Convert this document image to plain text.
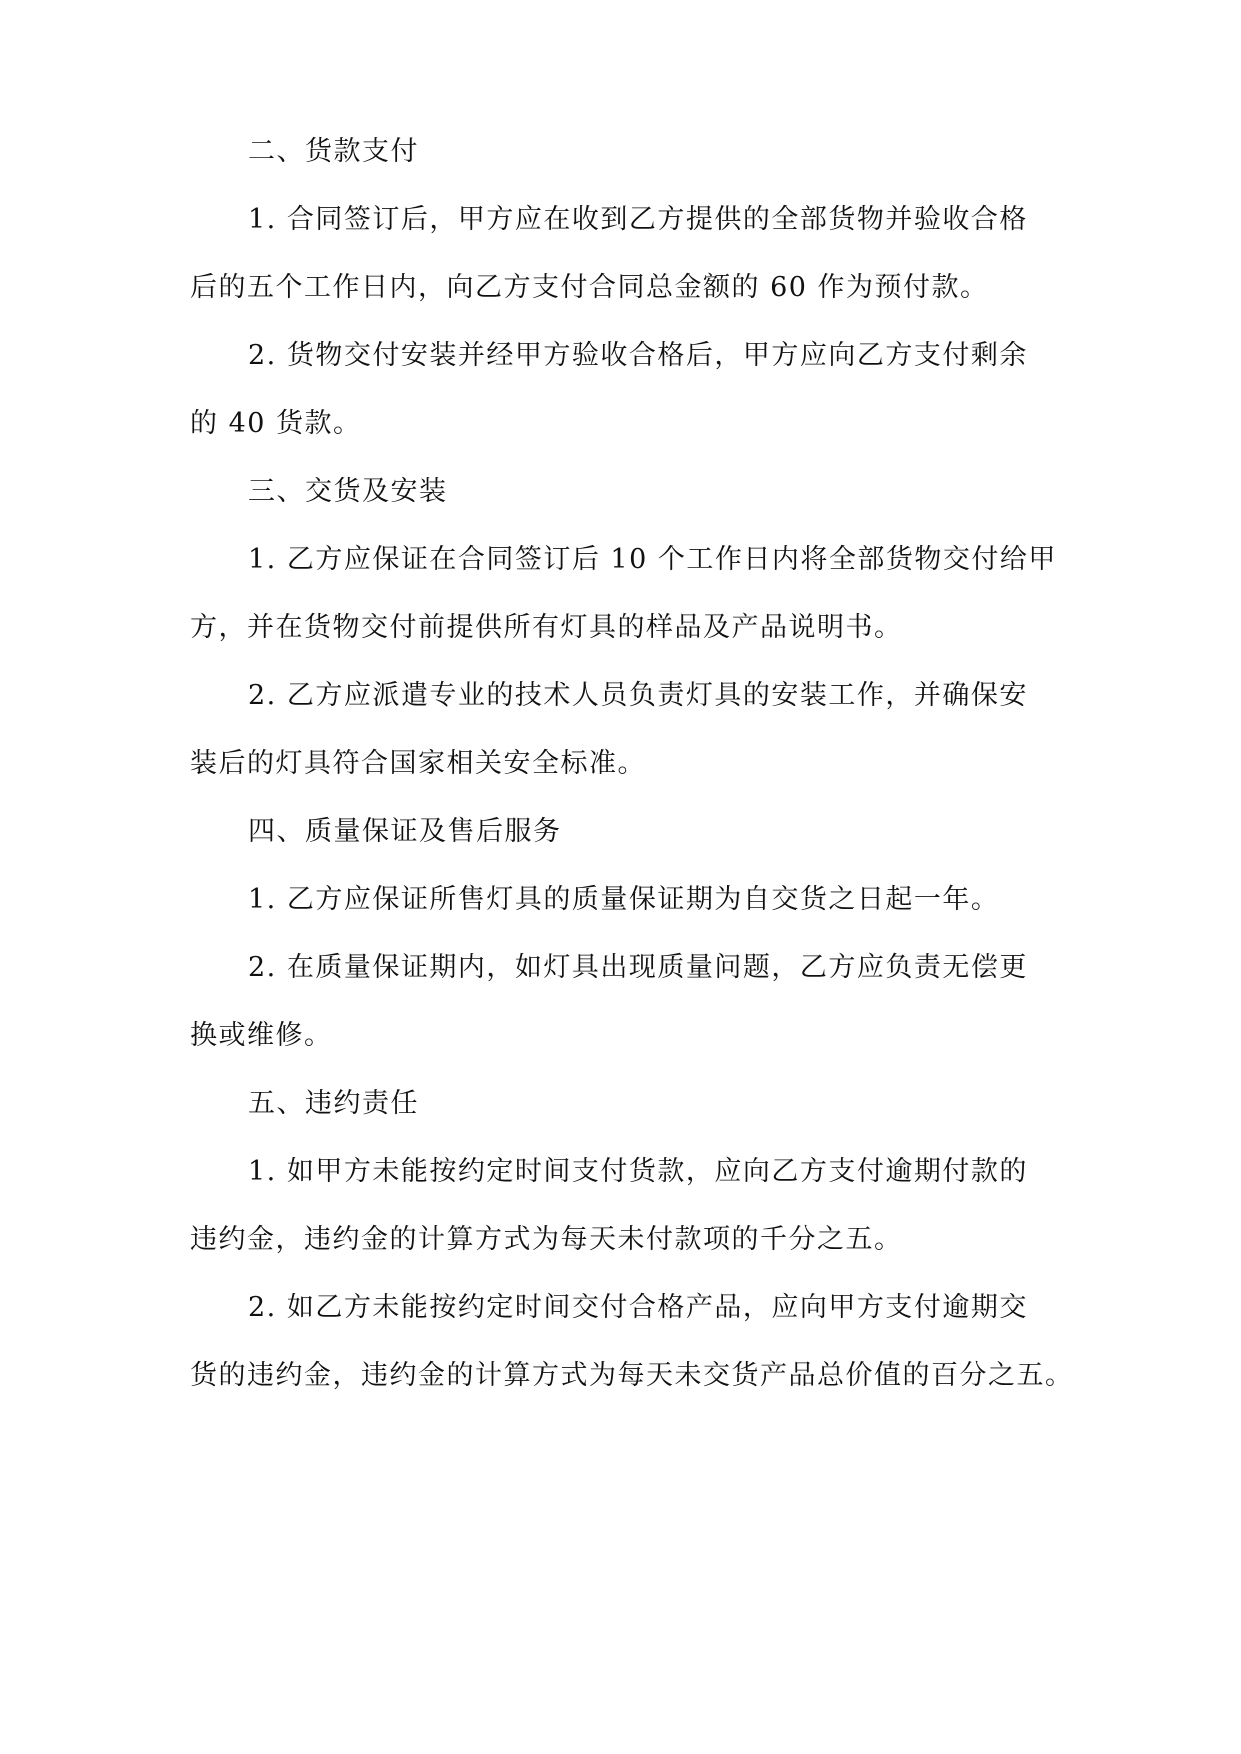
二、货款支付
1. 合同签订后，甲方应在收到乙方提供的全部货物并验收合格
后的五个工作日内，向乙方支付合同总金额的 60 作为预付款。
2. 货物交付安装并经甲方验收合格后，甲方应向乙方支付剩余
的 40 货款。
三、交货及安装
1. 乙方应保证在合同签订后 10 个工作日内将全部货物交付给甲
方，并在货物交付前提供所有灯具的样品及产品说明书。
2. 乙方应派遣专业的技术人员负责灯具的安装工作，并确保安
装后的灯具符合国家相关安全标准。
四、质量保证及售后服务
1. 乙方应保证所售灯具的质量保证期为自交货之日起一年。
2. 在质量保证期内，如灯具出现质量问题，乙方应负责无偿更
换或维修。
五、违约责任
1. 如甲方未能按约定时间支付货款，应向乙方支付逾期付款的
违约金，违约金的计算方式为每天未付款项的千分之五。
2. 如乙方未能按约定时间交付合格产品，应向甲方支付逾期交
货的违约金，违约金的计算方式为每天未交货产品总价值的百分之五。
